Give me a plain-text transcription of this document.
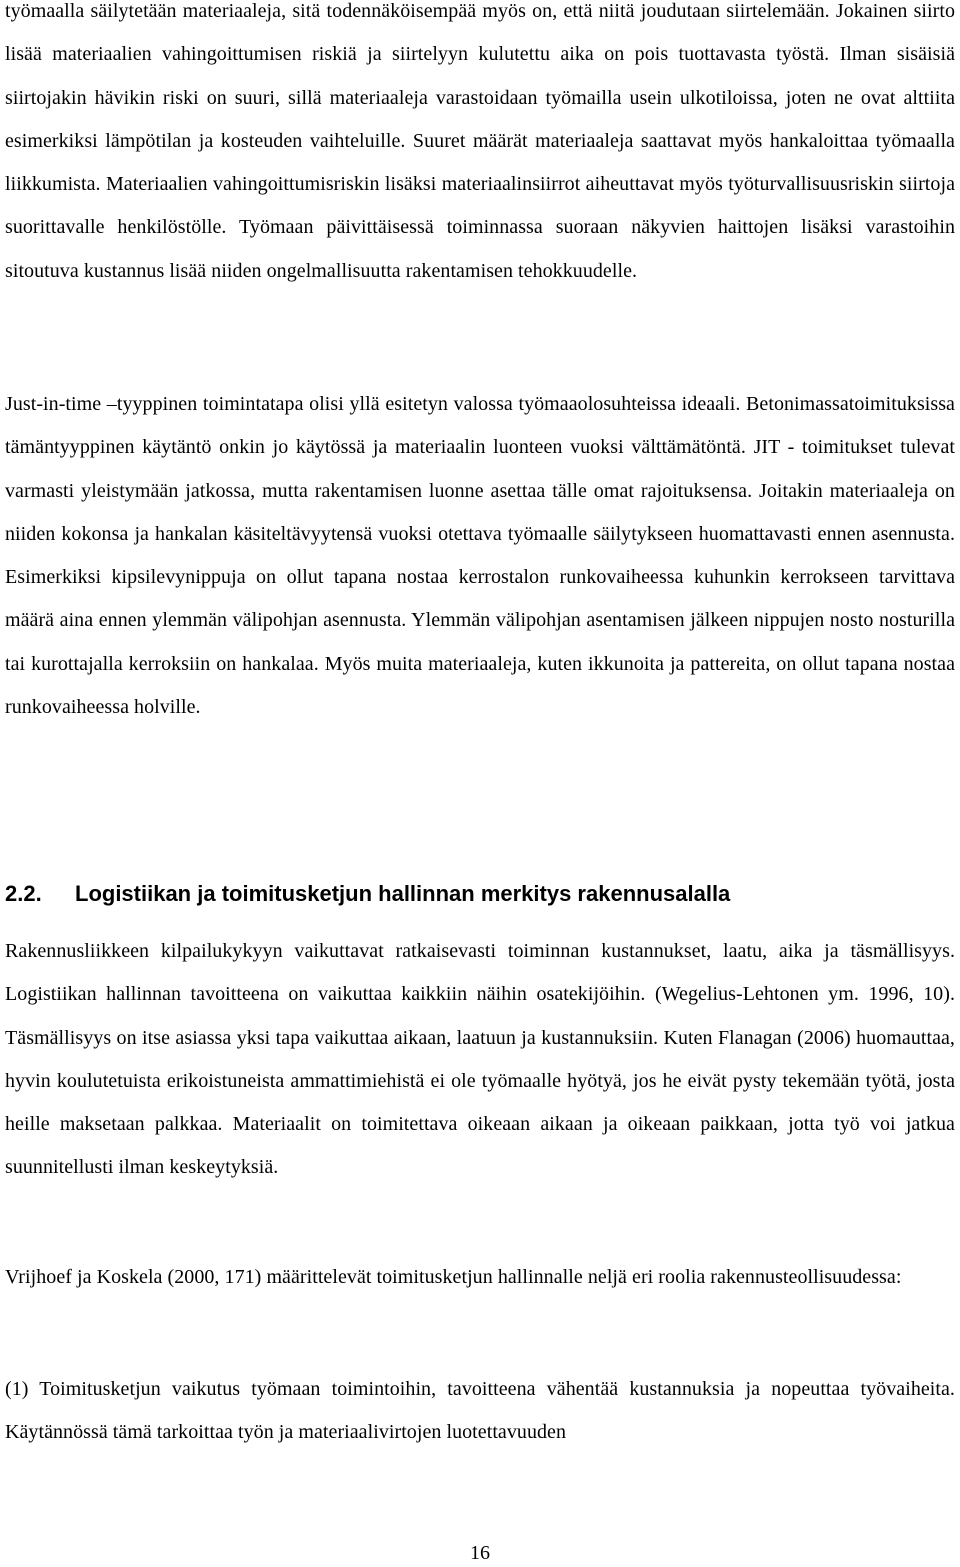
työmaalla säilytetään materiaaleja, sitä todennäköisempää myös on, että niitä joudutaan siirtelemään. Jokainen siirto lisää materiaalien vahingoittumisen riskiä ja siirtelyyn kulutettu aika on pois tuottavasta työstä. Ilman sisäisiä siirtojakin hävikin riski on suuri, sillä materiaaleja varastoidaan työmailla usein ulkotiloissa, joten ne ovat alttiita esimerkiksi lämpötilan ja kosteuden vaihteluille. Suuret määrät materiaaleja saattavat myös hankaloittaa työmaalla liikkumista. Materiaalien vahingoittumisriskin lisäksi materiaalinsiirrot aiheuttavat myös työturvallisuusriskin siirtoja suorittavalle henkilöstölle. Työmaan päivittäisessä toiminnassa suoraan näkyvien haittojen lisäksi varastoihin sitoutuva kustannus lisää niiden ongelmallisuutta rakentamisen tehokkuudelle.

Just-in-time –tyyppinen toimintatapa olisi yllä esitetyn valossa työmaaolosuhteissa ideaali. Betonimassatoimituksissa tämäntyyppinen käytäntö onkin jo käytössä ja materiaalin luonteen vuoksi välttämätöntä. JIT - toimitukset tulevat varmasti yleistymään jatkossa, mutta rakentamisen luonne asettaa tälle omat rajoituksensa. Joitakin materiaaleja on niiden kokonsa ja hankalan käsiteltävyytensä vuoksi otettava työmaalle säilytykseen huomattavasti ennen asennusta. Esimerkiksi kipsilevynippuja on ollut tapana nostaa kerrostalon runkovaiheessa kuhunkin kerrokseen tarvittava määrä aina ennen ylemmän välipohjan asennusta. Ylemmän välipohjan asentamisen jälkeen nippujen nosto nosturilla tai kurottajalla kerroksiin on hankalaa. Myös muita materiaaleja, kuten ikkunoita ja pattereita, on ollut tapana nostaa runkovaiheessa holville.

2.2. Logistiikan ja toimitusketjun hallinnan merkitys rakennusalalla

Rakennusliikkeen kilpailukykyyn vaikuttavat ratkaisevasti toiminnan kustannukset, laatu, aika ja täsmällisyys. Logistiikan hallinnan tavoitteena on vaikuttaa kaikkiin näihin osatekijöihin. (Wegelius-Lehtonen ym. 1996, 10). Täsmällisyys on itse asiassa yksi tapa vaikuttaa aikaan, laatuun ja kustannuksiin. Kuten Flanagan (2006) huomauttaa, hyvin koulutetuista erikoistuneista ammattimiehistä ei ole työmaalle hyötyä, jos he eivät pysty tekemään työtä, josta heille maksetaan palkkaa. Materiaalit on toimitettava oikeaan aikaan ja oikeaan paikkaan, jotta työ voi jatkua suunnitellusti ilman keskeytyksiä.

Vrijhoef ja Koskela (2000, 171) määrittelevät toimitusketjun hallinnalle neljä eri roolia rakennusteollisuudessa:

(1) Toimitusketjun vaikutus työmaan toimintoihin, tavoitteena vähentää kustannuksia ja nopeuttaa työvaiheita. Käytännössä tämä tarkoittaa työn ja materiaalivirtojen luotettavuuden

16
